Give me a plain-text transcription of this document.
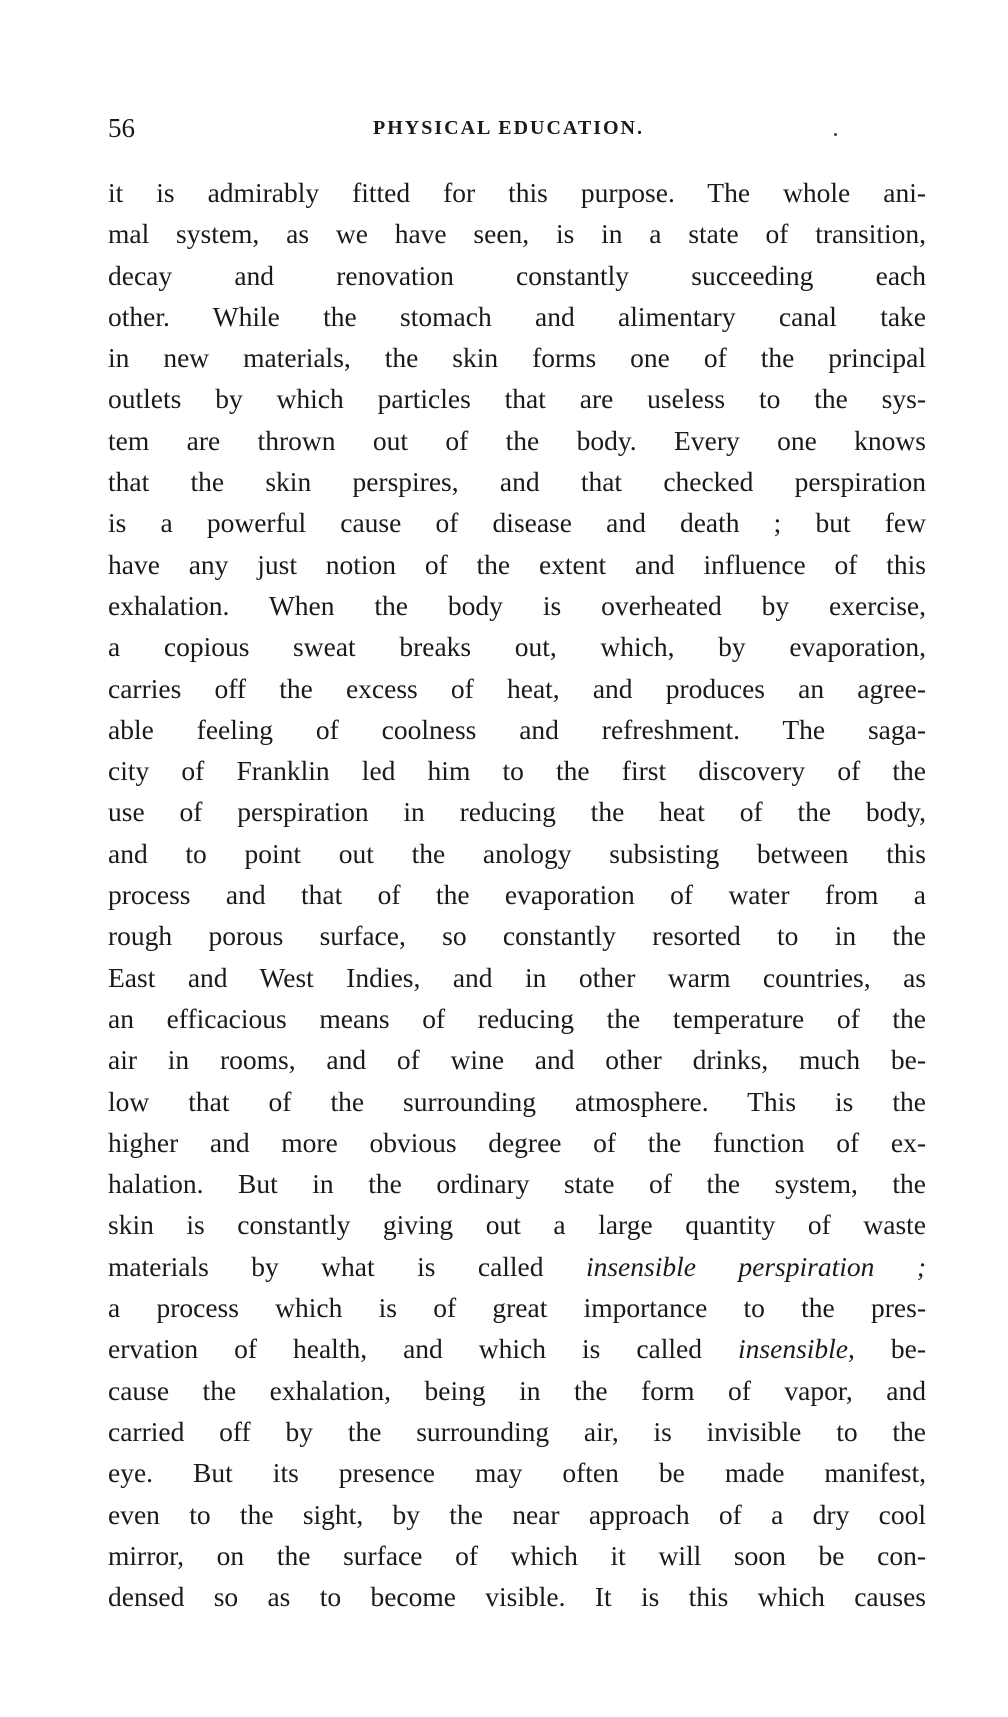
56	PHYSICAL EDUCATION.
it is admirably fitted for this purpose. The whole ani-
mal system, as we have seen, is in a state of transition,
decay and renovation constantly succeeding each
other. While the stomach and alimentary canal take
in new materials, the skin forms one of the principal
outlets by which particles that are useless to the sys-
tem are thrown out of the body. Every one knows
that the skin perspires, and that checked perspiration
is a powerful cause of disease and death ; but few
have any just notion of the extent and influence of this
exhalation. When the body is overheated by exercise,
a copious sweat breaks out, which, by evaporation,
carries off the excess of heat, and produces an agree-
able feeling of coolness and refreshment. The saga-
city of Franklin led him to the first discovery of the
use of perspiration in reducing the heat of the body,
and to point out the anology subsisting between this
process and that of the evaporation of water from a
rough porous surface, so constantly resorted to in the
East and West Indies, and in other warm countries, as
an efficacious means of reducing the temperature of the
air in rooms, and of wine and other drinks, much be-
low that of the surrounding atmosphere. This is the
higher and more obvious degree of the function of ex-
halation. But in the ordinary state of the system, the
skin is constantly giving out a large quantity of waste
materials by what is called insensible perspiration ;
a process which is of great importance to the pres-
ervation of health, and which is called insensible, be-
cause the exhalation, being in the form of vapor, and
carried off by the surrounding air, is invisible to the
eye. But its presence may often be made manifest,
even to the sight, by the near approach of a dry cool
mirror, on the surface of which it will soon be con-
densed so as to become visible. It is this which causes
